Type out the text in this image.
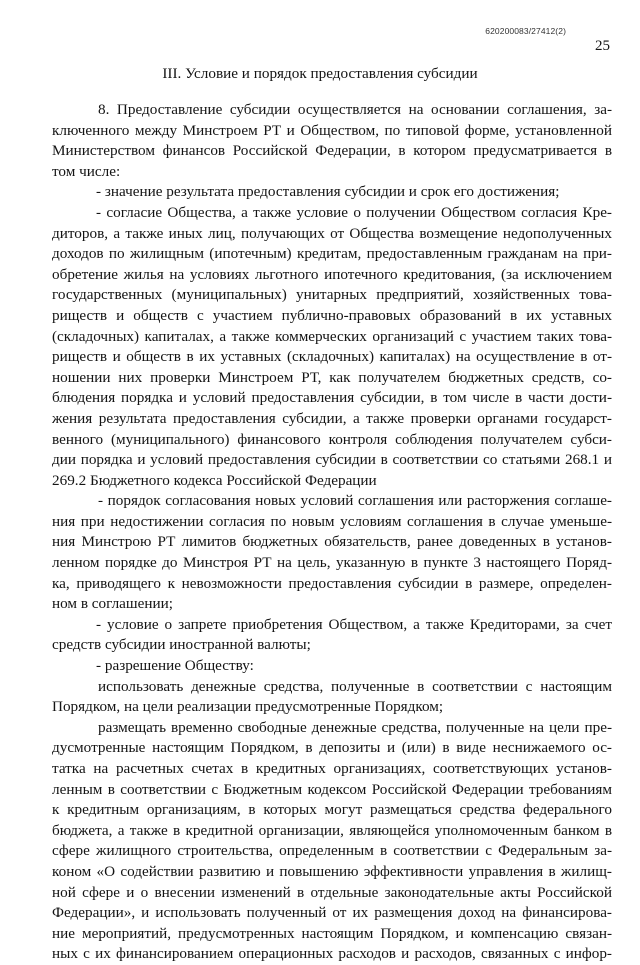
620200083/27412(2)
25
III. Условие и порядок предоставления субсидии
8. Предоставление субсидии осуществляется на основании соглашения, за-
ключенного между Минстроем РТ и Обществом, по типовой форме, установленной
Министерством финансов Российской Федерации, в котором предусматривается в
том числе:
- значение результата предоставления субсидии и срок его достижения;
- согласие Общества, а также условие о получении Обществом согласия Кре-
диторов, а также иных лиц, получающих от Общества возмещение недополученных
доходов по жилищным (ипотечным) кредитам, предоставленным гражданам на при-
обретение жилья на условиях льготного ипотечного кредитования, (за исключением
государственных (муниципальных) унитарных предприятий, хозяйственных това-
риществ и обществ с участием публично-правовых образований в их уставных
(складочных) капиталах, а также коммерческих организаций с участием таких това-
риществ и обществ в их уставных (складочных) капиталах) на осуществление в от-
ношении них проверки Минстроем РТ, как получателем бюджетных средств, со-
блюдения порядка и условий предоставления субсидии, в том числе в части дости-
жения результата предоставления субсидии, а также проверки органами государст-
венного (муниципального) финансового контроля соблюдения получателем субси-
дии порядка и условий предоставления субсидии в соответствии со статьями 268.1 и
269.2 Бюджетного кодекса Российской Федерации
- порядок согласования новых условий соглашения или расторжения соглаше-
ния при недостижении согласия по новым условиям соглашения в случае уменьше-
ния Минстрою РТ лимитов бюджетных обязательств, ранее доведенных в установ-
ленном порядке до Минстроя РТ на цель, указанную в пункте 3 настоящего Поряд-
ка, приводящего к невозможности предоставления субсидии в размере, определен-
ном в соглашении;
- условие о запрете приобретения Обществом, а также Кредиторами, за счет
средств субсидии иностранной валюты;
- разрешение Обществу:
использовать денежные средства, полученные в соответствии с настоящим
Порядком, на цели реализации предусмотренные Порядком;
размещать временно свободные денежные средства, полученные на цели пре-
дусмотренные настоящим Порядком, в депозиты и (или) в виде неснижаемого ос-
татка на расчетных счетах в кредитных организациях, соответствующих установ-
ленным в соответствии с Бюджетным кодексом Российской Федерации требованиям
к кредитным организациям, в которых могут размещаться средства федерального
бюджета, а также в кредитной организации, являющейся уполномоченным банком в
сфере жилищного строительства, определенным в соответствии с Федеральным за-
коном «О содействии развитию и повышению эффективности управления в жилищ-
ной сфере и о внесении изменений в отдельные законодательные акты Российской
Федерации», и использовать полученный от их размещения доход на финансирова-
ние мероприятий, предусмотренных настоящим Порядком, и компенсацию связан-
ных с их финансированием операционных расходов и расходов, связанных с инфор-
